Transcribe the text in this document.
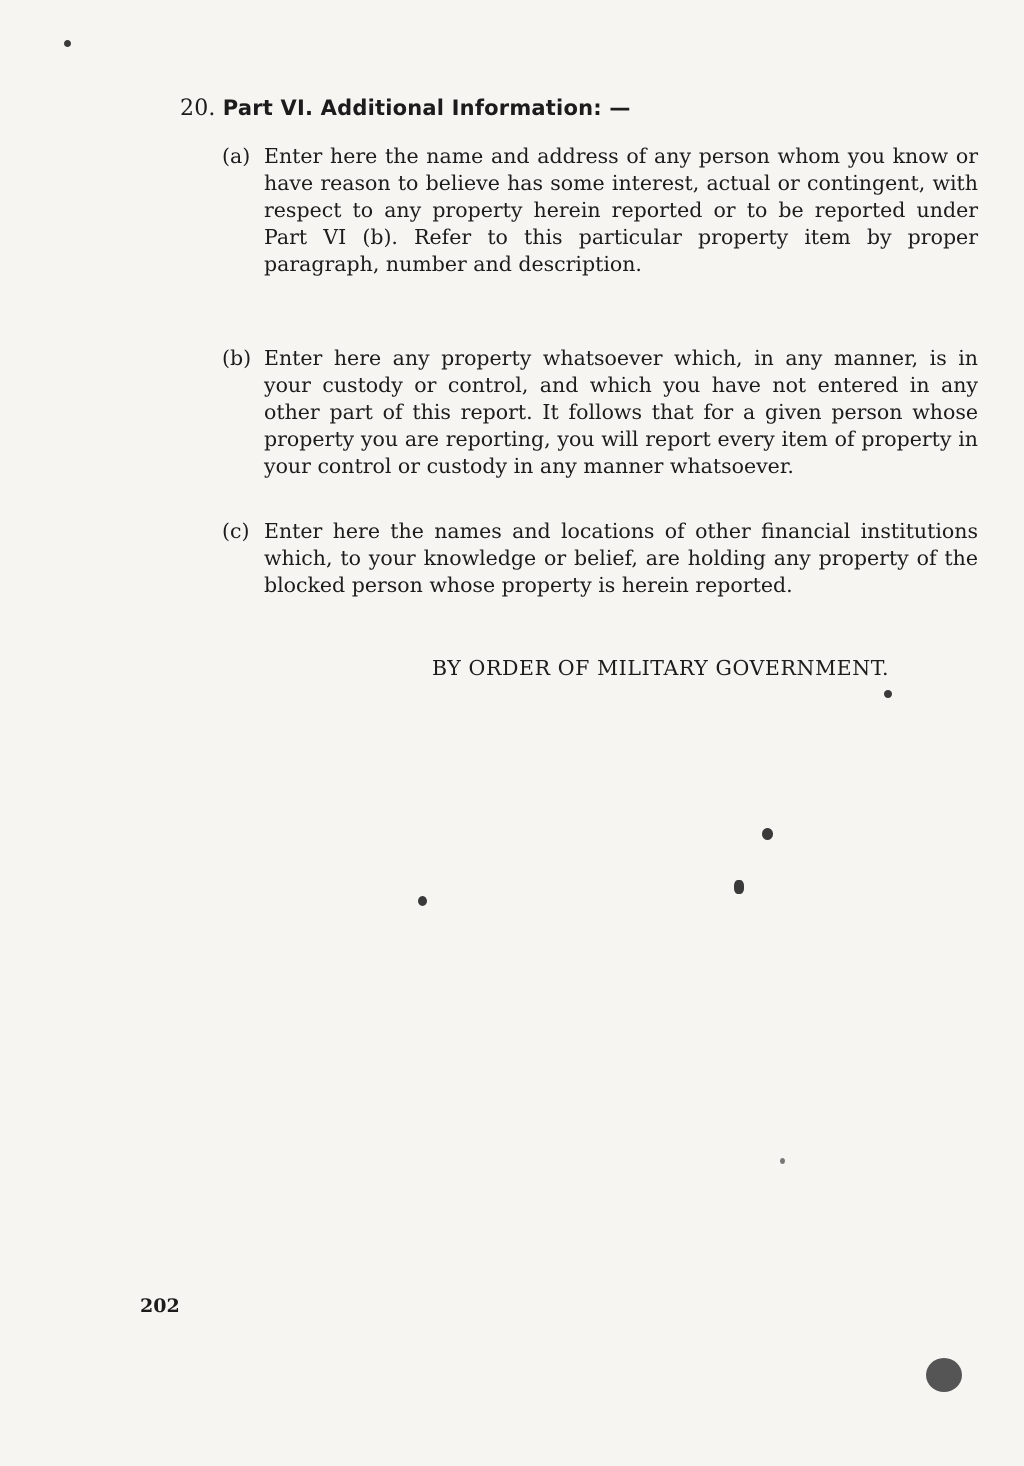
20. Part VI. Additional Information: —
(a) Enter here the name and address of any person whom you know or have reason to believe has some interest, actual or contingent, with respect to any property herein reported or to be reported under Part VI (b). Refer to this particular property item by proper paragraph, number and description.
(b) Enter here any property whatsoever which, in any manner, is in your custody or control, and which you have not entered in any other part of this report. It follows that for a given person whose property you are reporting, you will report every item of property in your control or custody in any manner whatsoever.
(c) Enter here the names and locations of other financial institutions which, to your knowledge or belief, are holding any property of the blocked person whose property is herein reported.
BY ORDER OF MILITARY GOVERNMENT.
202
